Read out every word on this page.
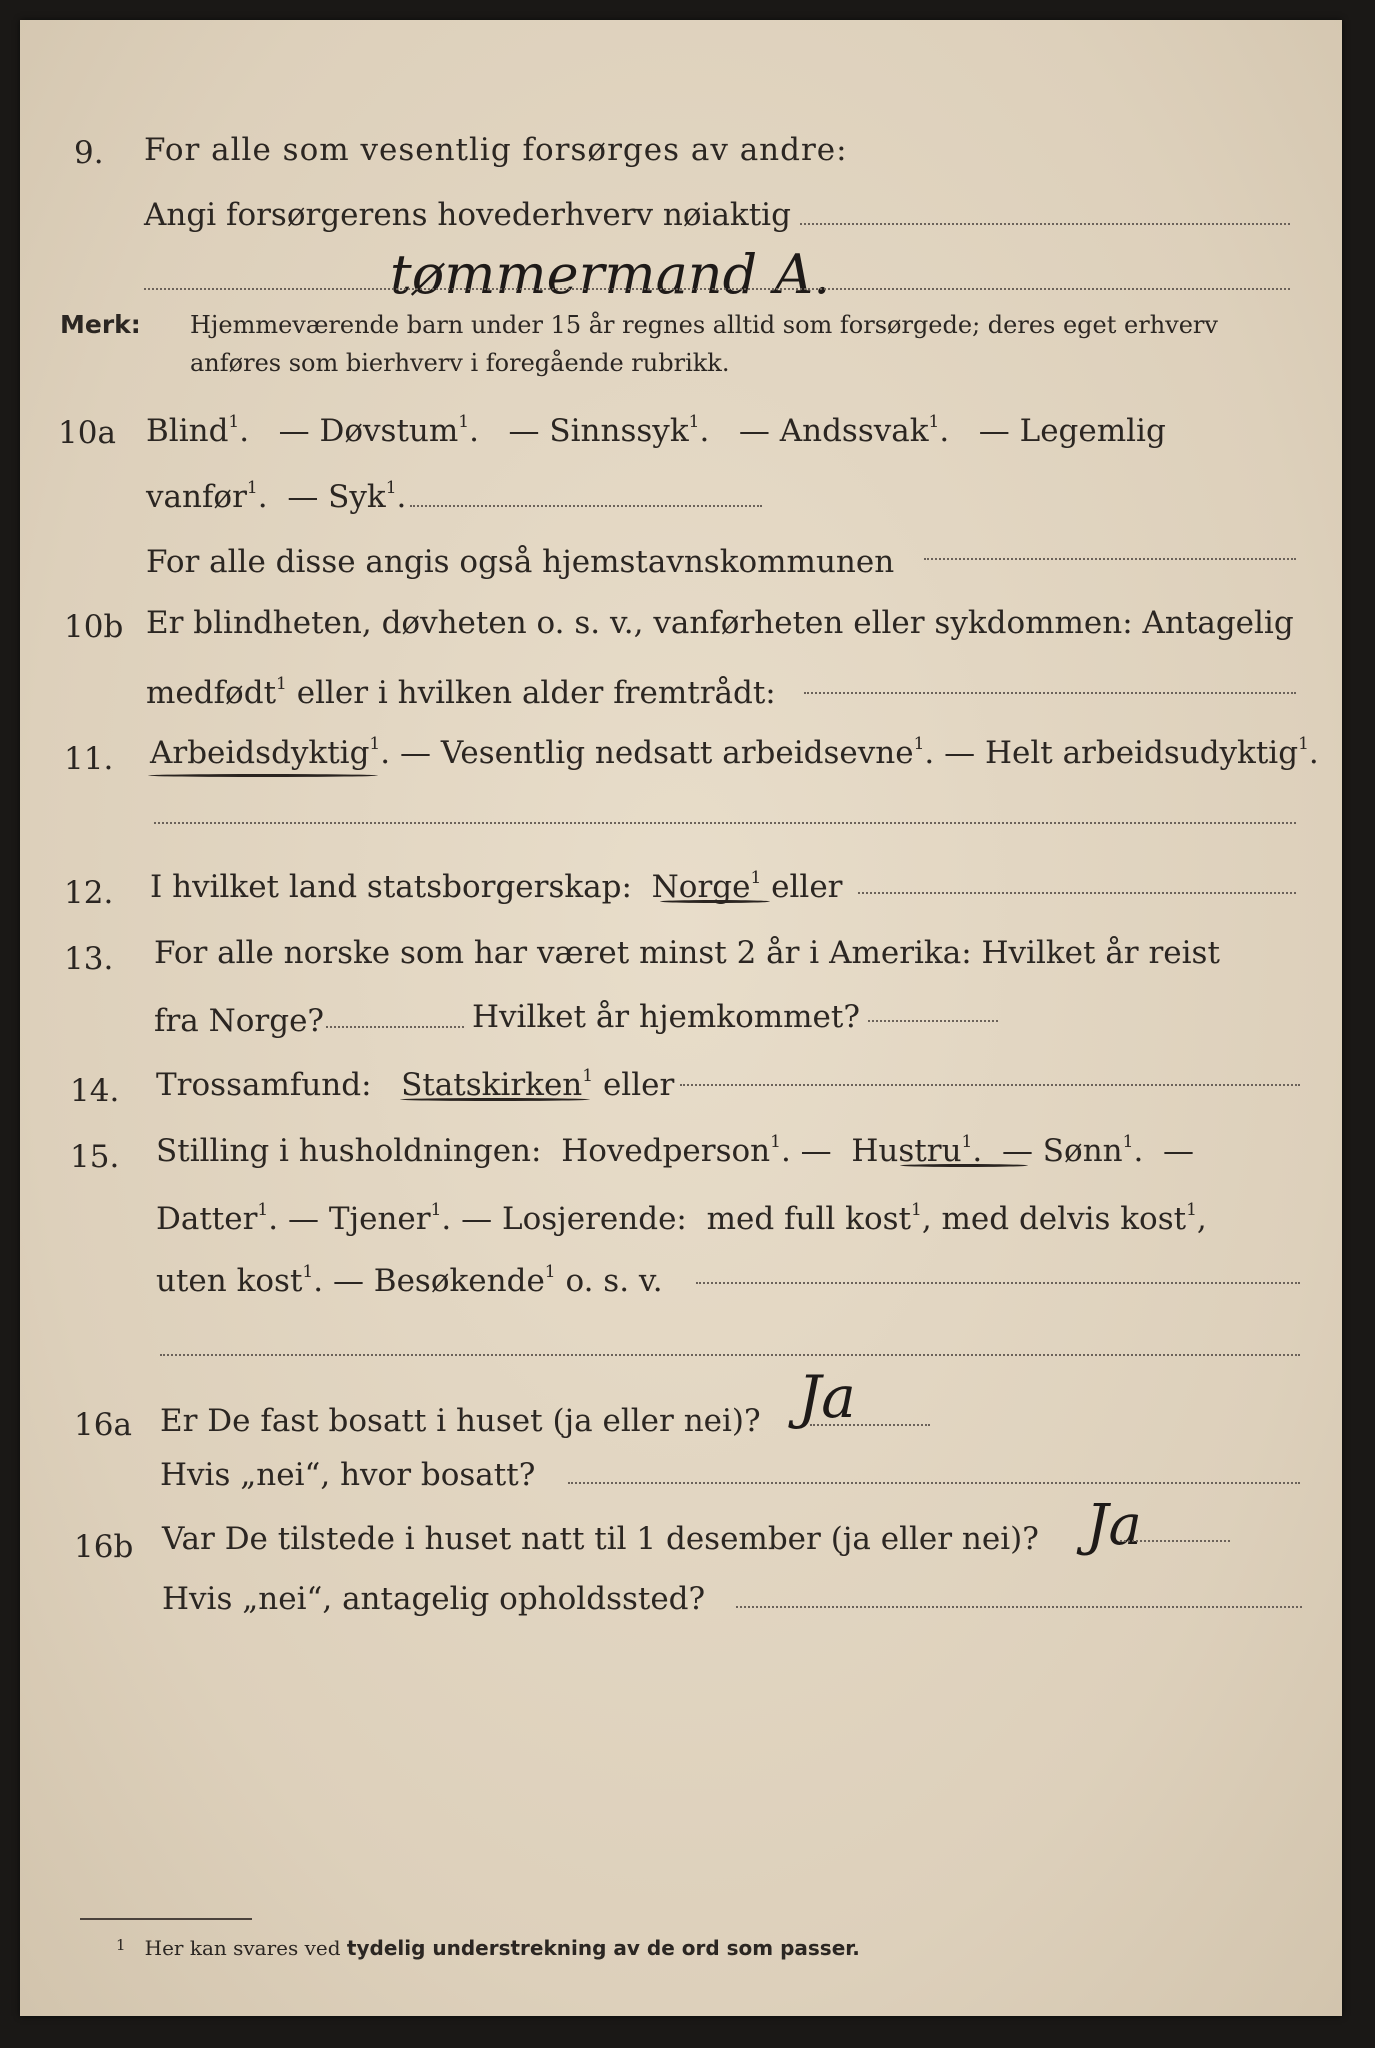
9. For alle som vesentlig forsørges av andre:
Angi forsørgerens hovederhverv nøiaktig
tømmermand A.
Merk: Hjemmeværende barn under 15 år regnes alltid som forsørgede; deres eget erhverv
anføres som bierhverv i foregående rubrikk.
10a Blind$^1$.   — Døvstum$^1$.   — Sinnssyk$^1$.   — Andssvak$^1$.   — Legemlig
vanfør$^1$.  — Syk$^1$.
For alle disse angis også hjemstavnskommunen
10b Er blindheten, døvheten o. s. v., vanførheten eller sykdommen: Antagelig
medfødt$^1$ eller i hvilken alder fremtrådt:
11. Arbeidsdyktig$^1$. — Vesentlig nedsatt arbeidsevne$^1$. — Helt arbeidsudyktig$^1$.
12. I hvilket land statsborgerskap: Norge$^1$ eller
13. For alle norske som har været minst 2 år i Amerika: Hvilket år reist
fra Norge?	Hvilket år hjemkommet?
14. Trossamfund: Statskirken$^1$ eller
15. Stilling i husholdningen: Hovedperson$^1$. —  Hustru$^1$.  — Sønn$^1$.  —
Datter$^1$. — Tjener$^1$. — Losjerende: med full kost$^1$, med delvis kost$^1$,
uten kost$^1$. — Besøkende$^1$ o. s. v.
16a Er De fast bosatt i huset (ja eller nei)? Ja
Hvis „nei“, hvor bosatt?
16b Var De tilstede i huset natt til 1 desember (ja eller nei)? Ja
Hvis „nei“, antagelig opholdssted?
$^1$ Her kan svares ved tydelig understrekning av de ord som passer.
